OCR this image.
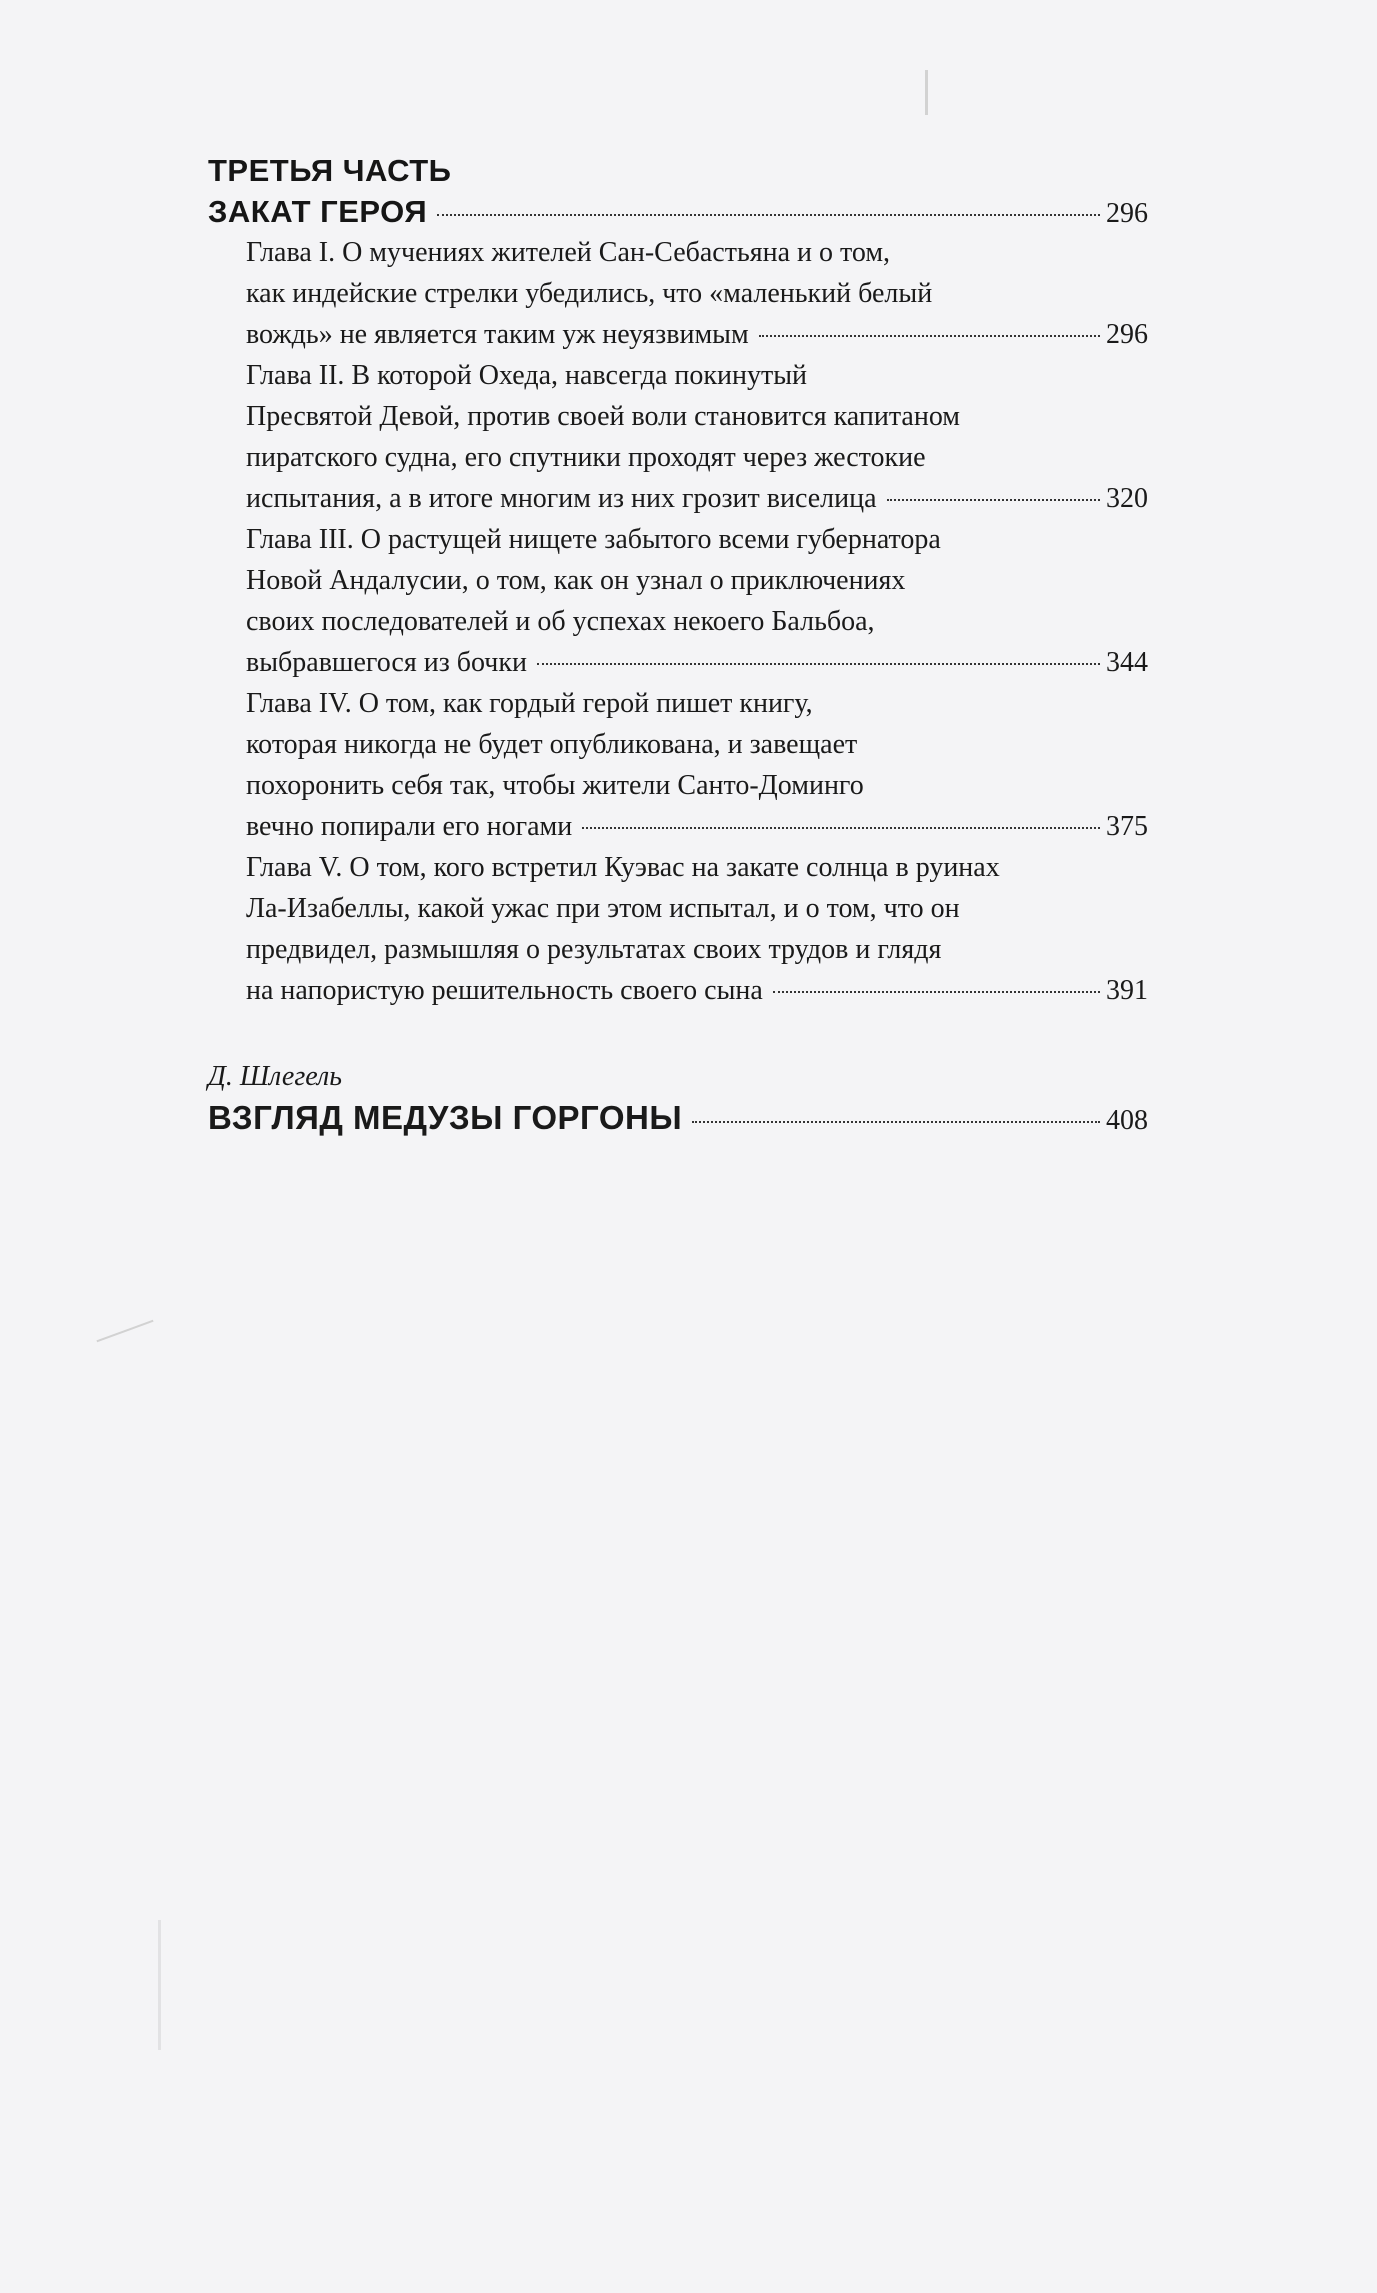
ТРЕТЬЯ ЧАСТЬ
ЗАКАТ ГЕРОЯ	296
Глава I. О мучениях жителей Сан-Себастьяна и о том,
как индейские стрелки убедились, что «маленький белый
вождь» не является таким уж неуязвимым	296
Глава II. В которой Охеда, навсегда покинутый
Пресвятой Девой, против своей воли становится капитаном
пиратского судна, его спутники проходят через жестокие
испытания, а в итоге многим из них грозит виселица	320
Глава III. О растущей нищете забытого всеми губернатора
Новой Андалусии, о том, как он узнал о приключениях
своих последователей и об успехах некоего Бальбоа,
выбравшегося из бочки	344
Глава IV. О том, как гордый герой пишет книгу,
которая никогда не будет опубликована, и завещает
похоронить себя так, чтобы жители Санто-Доминго
вечно попирали его ногами	375
Глава V. О том, кого встретил Куэвас на закате солнца в руинах
Ла-Изабеллы, какой ужас при этом испытал, и о том, что он
предвидел, размышляя о результатах своих трудов и глядя
на напористую решительность своего сына	391
Д. Шлегель
ВЗГЛЯД МЕДУЗЫ ГОРГОНЫ	408
